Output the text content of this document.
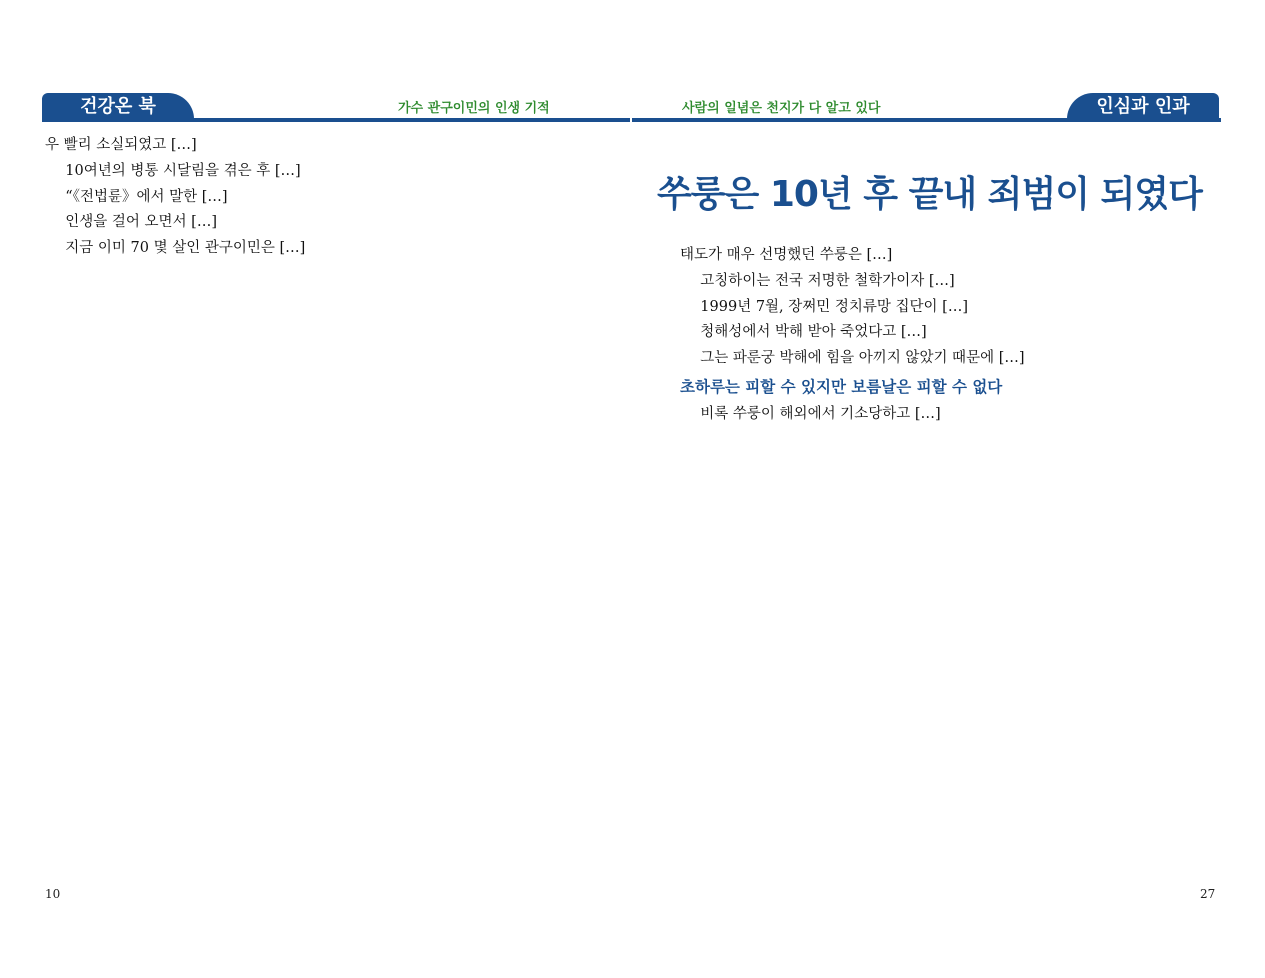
건강온 북	가수 관구이민의 인생 기적

우 빨리 소실되였고 […]

10여년의 병통 시달림을 겪은 후 […]

“《전법륜》에서 말한 […]

인생을 걸어 오면서 […]

지금 이미 70 몇 살인 관구이민은 […]

10
사람의 일념은 천지가 다 알고 있다	인심과 인과
쑤룽은 10년 후 끝내 죄범이 되였다

태도가 매우 선명했던 쑤룽은 […]

고칭하이는 전국 저명한 철학가이자 […]

1999년 7월, 장쩌민 정치류망 집단이 […]

청해성에서 박해 받아 죽었다고 […]

그는 파룬궁 박해에 힘을 아끼지 않았기 때문에 […]

초하루는 피할 수 있지만 보름날은 피할 수 없다

비록 쑤룽이 해외에서 기소당하고 […]

27
